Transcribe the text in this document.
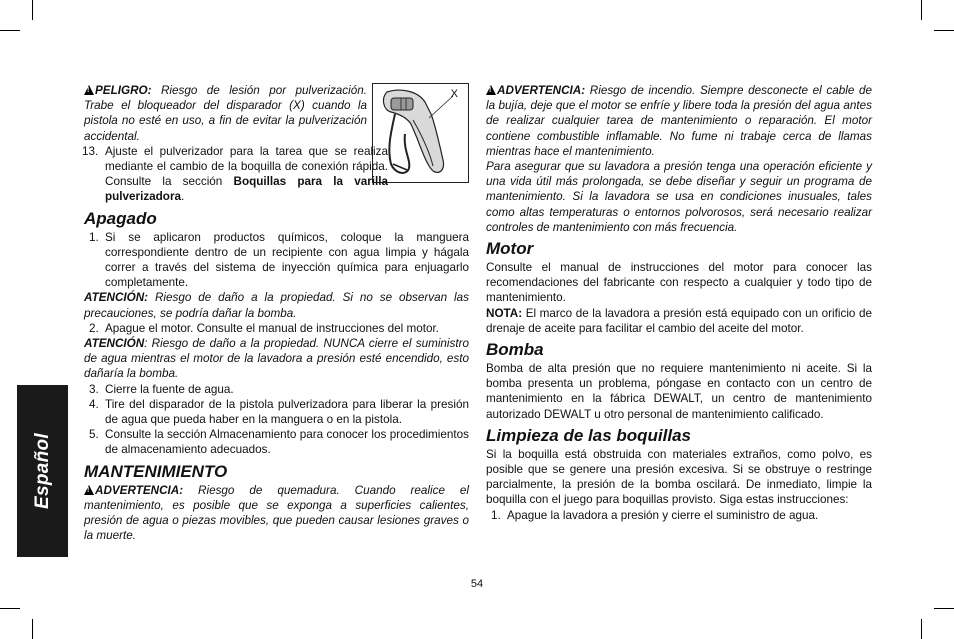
Español
X

!PELIGRO: Riesgo de lesión por pulverización. Trabe el bloqueador del disparador (X) cuando la pistola no esté en uso, a fin de evitar la pulverización accidental.

13. Ajuste el pulverizador para la tarea que se realiza mediante el cambio de la boquilla de conexión rápida. Consulte la sección Boquillas para la varilla pulverizadora.
Apagado
1. Si se aplicaron productos químicos, coloque la manguera correspondiente dentro de un recipiente con agua limpia y hágala correr a través del sistema de inyección química para enjuagarlo completamente.

ATENCIÓN: Riesgo de daño a la propiedad. Si no se observan las precauciones, se podría dañar la bomba.

2. Apague el motor. Consulte el manual de instrucciones del motor.

ATENCIÓN: Riesgo de daño a la propiedad. NUNCA cierre el suministro de agua mientras el motor de la lavadora a presión esté encendido, esto dañaría la bomba.

3. Cierre la fuente de agua.
4. Tire del disparador de la pistola pulverizadora para liberar la presión de agua que pueda haber en la manguera o en la pistola.
5. Consulte la sección Almacenamiento para conocer los procedimientos de almacenamiento adecuados.
MANTENIMIENTO

!ADVERTENCIA: Riesgo de quemadura. Cuando realice el mantenimiento, es posible que se exponga a superficies calientes, presión de agua o piezas movibles, que pueden causar lesiones graves o la muerte.

!ADVERTENCIA: Riesgo de incendio. Siempre desconecte el cable de la bujía, deje que el motor se enfríe y libere toda la presión del agua antes de realizar cualquier tarea de mantenimiento o reparación. El motor contiene combustible inflamable. No fume ni trabaje cerca de llamas mientras hace el mantenimiento.

Para asegurar que su lavadora a presión tenga una operación eficiente y una vida útil más prolongada, se debe diseñar y seguir un programa de mantenimiento. Si la lavadora se usa en condiciones inusuales, tales como altas temperaturas o entornos polvorosos, será necesario realizar controles de mantenimiento con más frecuencia.

Motor

Consulte el manual de instrucciones del motor para conocer las recomendaciones del fabricante con respecto a cualquier y todo tipo de mantenimiento.

NOTA: El marco de la lavadora a presión está equipado con un orificio de drenaje de aceite para facilitar el cambio del aceite del motor.

Bomba

Bomba de alta presión que no requiere mantenimiento ni aceite. Si la bomba presenta un problema, póngase en contacto con un centro de mantenimiento en la fábrica DEWALT, un centro de mantenimiento autorizado DEWALT u otro personal de mantenimiento calificado.

Limpieza de las boquillas

Si la boquilla está obstruida con materiales extraños, como polvo, es posible que se genere una presión excesiva. Si se obstruye o restringe parcialmente, la presión de la bomba oscilará. De inmediato, limpie la boquilla con el juego para boquillas provisto. Siga estas instrucciones:

1. Apague la lavadora a presión y cierre el suministro de agua.
54
